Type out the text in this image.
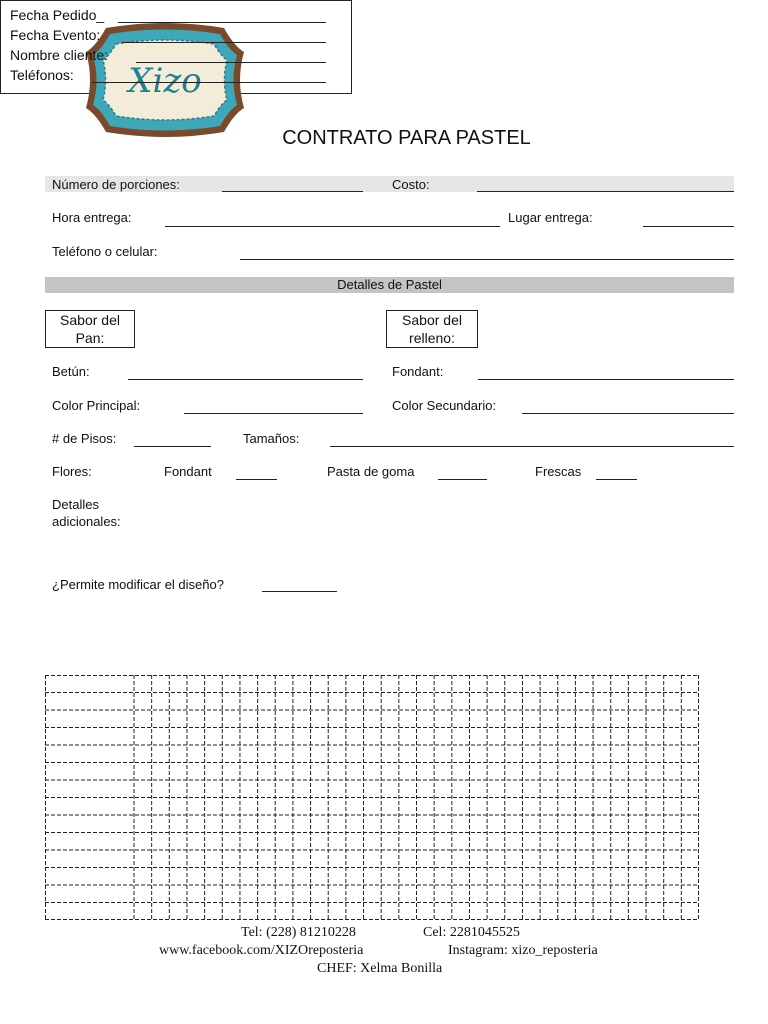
Xizo
Fecha Pedido_
Fecha Evento:
Nombre cliente:
Teléfonos:
CONTRATO PARA PASTEL
Número de porciones:	Costo:
Hora entrega:	Lugar entrega:
Teléfono o celular:
Detalles de Pastel
Sabor del Pan:
Sabor del relleno:
Betún:	Fondant:
Color Principal:	Color Secundario:
# de Pisos:	Tamaños:
Flores:	Fondant	Pasta de goma	Frescas
Detalles
adicionales:
¿Permite modificar el diseño?
Tel: (228) 81210228	Cel: 2281045525
www.facebook.com/XIZOreposteria	Instagram: xizo_reposteria
CHEF: Xelma Bonilla
